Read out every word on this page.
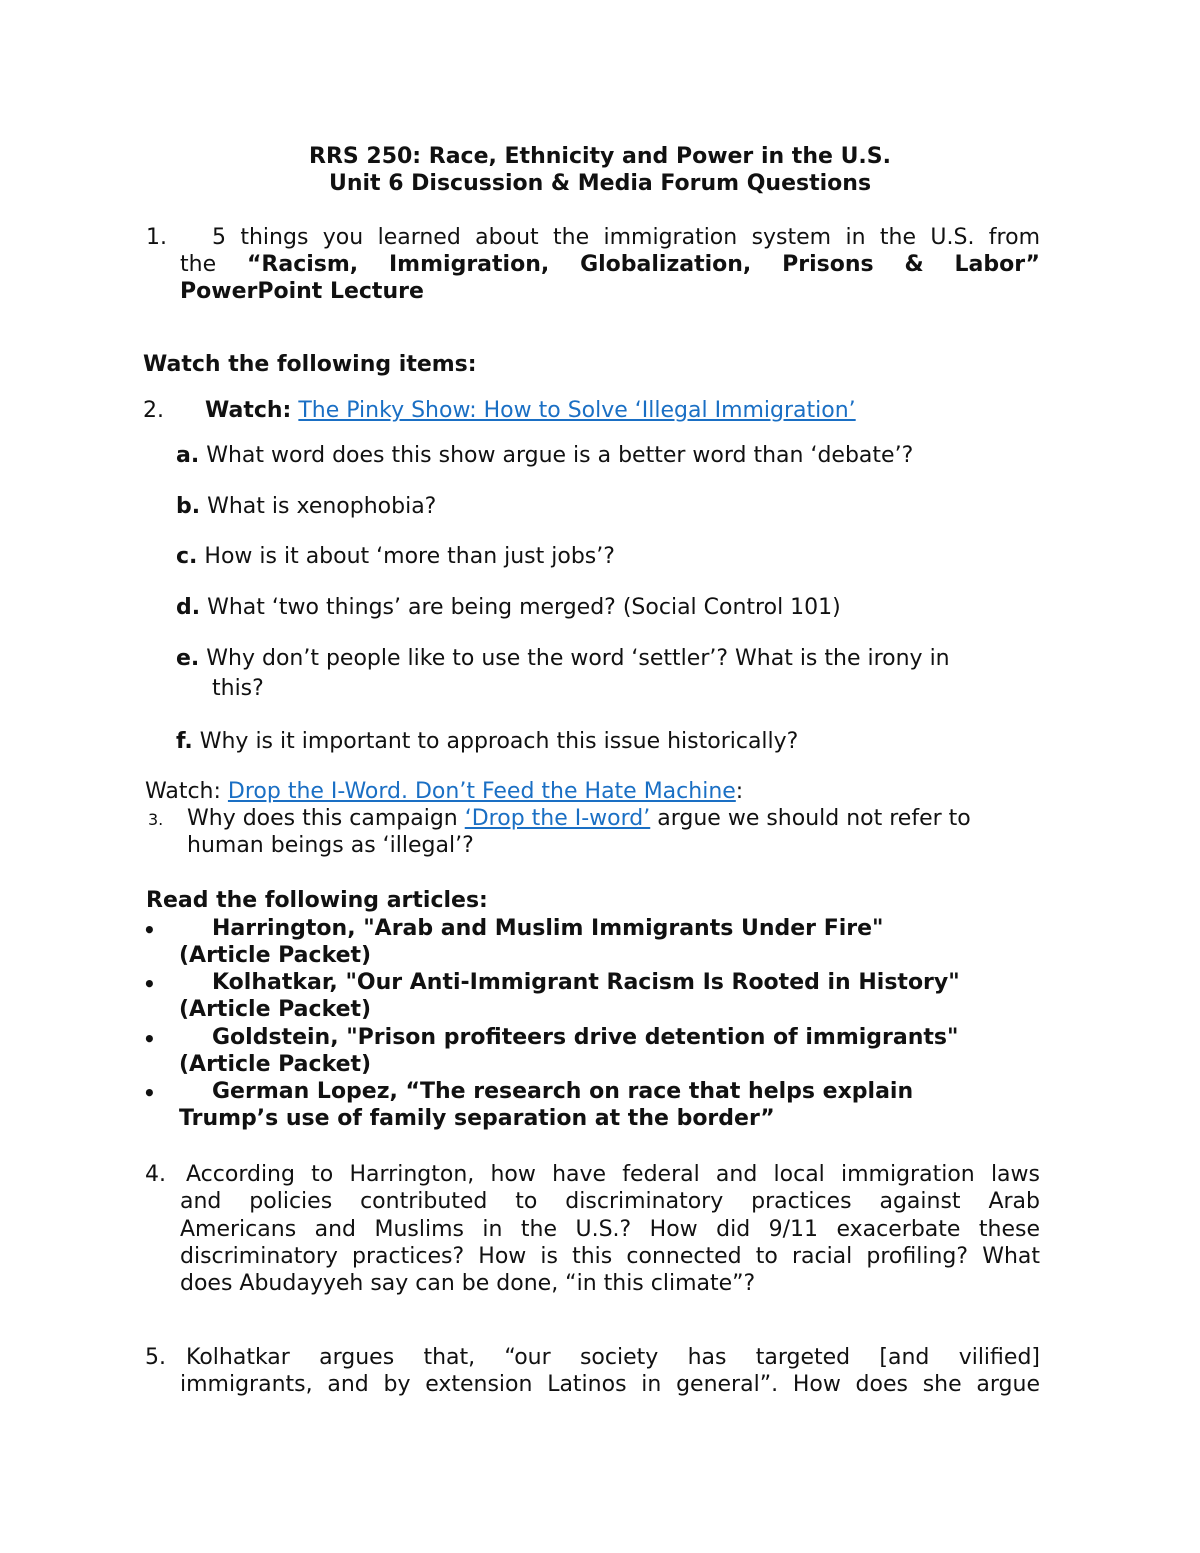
RRS 250: Race, Ethnicity and Power in the U.S.
Unit 6 Discussion & Media Forum Questions
1. 5 things you learned about the immigration system in the U.S. from
the “Racism, Immigration, Globalization, Prisons & Labor”
PowerPoint Lecture
Watch the following items:
2. Watch: The Pinky Show: How to Solve ‘Illegal Immigration’
a. What word does this show argue is a better word than ‘debate’?
b. What is xenophobia?
c. How is it about ‘more than just jobs’?
d. What ‘two things’ are being merged? (Social Control 101)
e. Why don’t people like to use the word ‘settler’? What is the irony in
this?
f. Why is it important to approach this issue historically?
Watch: Drop the I-Word. Don’t Feed the Hate Machine:
3. Why does this campaign ‘Drop the I-word’ argue we should not refer to
human beings as ‘illegal’?
Read the following articles:
•	Harrington, "Arab and Muslim Immigrants Under Fire"
(Article Packet)
•	Kolhatkar, "Our Anti-Immigrant Racism Is Rooted in History"
(Article Packet)
•	Goldstein, "Prison profiteers drive detention of immigrants"
(Article Packet)
•	German Lopez, “The research on race that helps explain
Trump’s use of family separation at the border”
4. According to Harrington, how have federal and local immigration laws
and policies contributed to discriminatory practices against Arab
Americans and Muslims in the U.S.? How did 9/11 exacerbate these
discriminatory practices? How is this connected to racial profiling? What
does Abudayyeh say can be done, “in this climate”?
5. Kolhatkar argues that, “our society has targeted [and vilified]
immigrants, and by extension Latinos in general”. How does she argue
